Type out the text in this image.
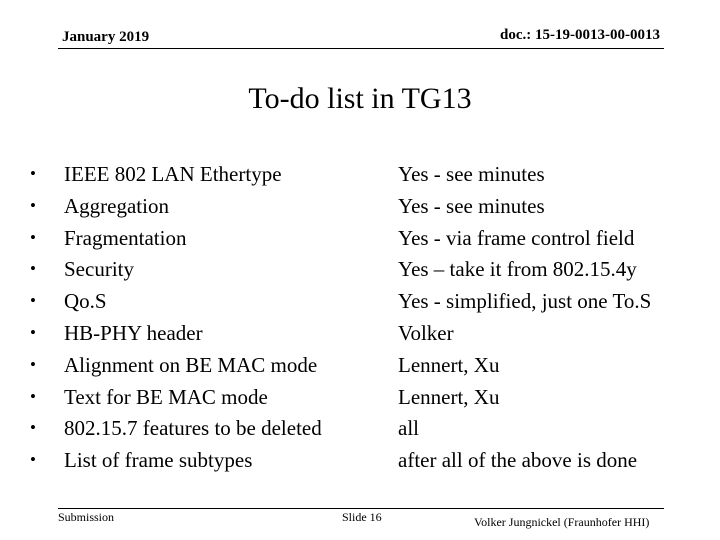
January 2019	doc.: 15-19-0013-00-0013
To-do list in TG13
• IEEE 802 LAN Ethertype	Yes - see minutes
• Aggregation	Yes - see minutes
• Fragmentation	Yes - via frame control field
• Security	Yes – take it from 802.15.4y
• Qo.S	Yes - simplified, just one To.S
• HB-PHY header	Volker
• Alignment on BE MAC mode	Lennert, Xu
• Text for BE MAC mode	Lennert, Xu
• 802.15.7 features to be deleted	all
• List of frame subtypes	after all of the above is done
Submission	Slide 16	Volker Jungnickel (Fraunhofer HHI)
